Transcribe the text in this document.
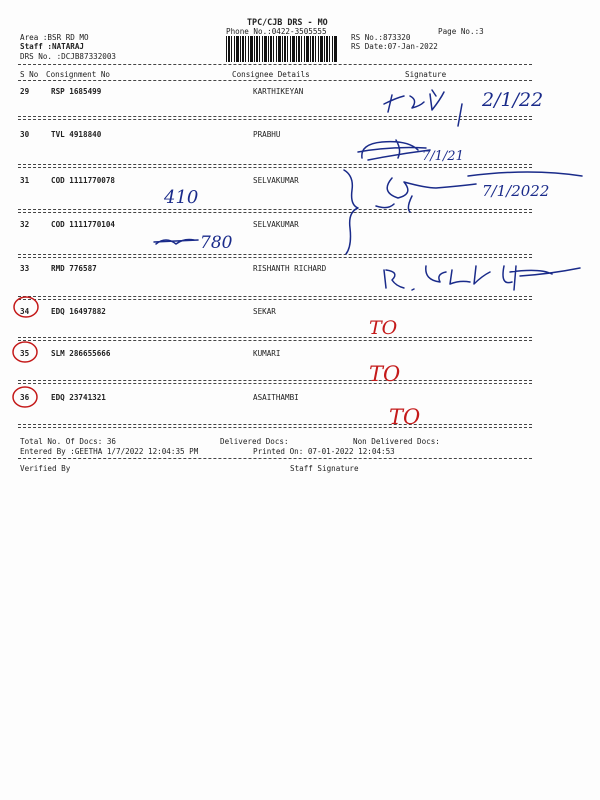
TPC/CJB DRS - MO
Phone No.:0422-3505555	Page No.:3
Area :BSR RD MO
Staff :NATARAJ
DRS No. :DCJB87332003
RS No.:873320
RS Date:07-Jan-2022
S No Consignment No	Consignee Details	Signature
29	RSP 1685499	KARTHIKEYAN
30	TVL 4918840	PRABHU
31	COD 1111770078	SELVAKUMAR
32	COD 1111770104	SELVAKUMAR
33	RMD 776587	RISHANTH RICHARD
34	EDQ 16497882	SEKAR
35	SLM 286655666	KUMARI
36	EDQ 23741321	ASAITHAMBI
Total No. Of Docs: 36	Delivered Docs:	Non Delivered Docs:
Entered By :GEETHA 1/7/2022 12:04:35 PM	Printed On: 07-01-2022 12:04:53
Verified By	Staff Signature
2/1/22
7/1/21
7/1/2022
410
780
TO
TO
TO
